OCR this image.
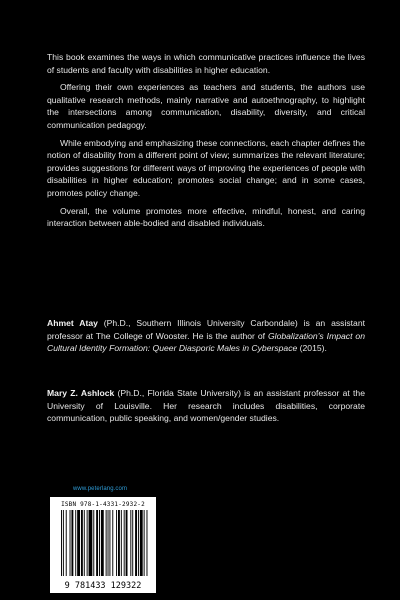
This book examines the ways in which communicative practices influence the lives of students and faculty with disabilities in higher education.

Offering their own experiences as teachers and students, the authors use qualitative research methods, mainly narrative and autoethnography, to highlight the intersections among communication, disability, diversity, and critical communication pedagogy.

While embodying and emphasizing these connections, each chapter defines the notion of disability from a different point of view; summarizes the relevant literature; provides suggestions for different ways of improving the experiences of people with disabilities in higher education; promotes social change; and in some cases, promotes policy change.

Overall, the volume promotes more effective, mindful, honest, and caring interaction between able-bodied and disabled individuals.

Ahmet Atay (Ph.D., Southern Illinois University Carbondale) is an assistant professor at The College of Wooster. He is the author of Globalization’s Impact on Cultural Identity Formation: Queer Diasporic Males in Cyberspace (2015).

Mary Z. Ashlock (Ph.D., Florida State University) is an assistant professor at the University of Louisville. Her research includes disabilities, corporate communication, public speaking, and women/gender studies.

www.peterlang.com
ISBN 978-1-4331-2932-2
9 781433 129322
